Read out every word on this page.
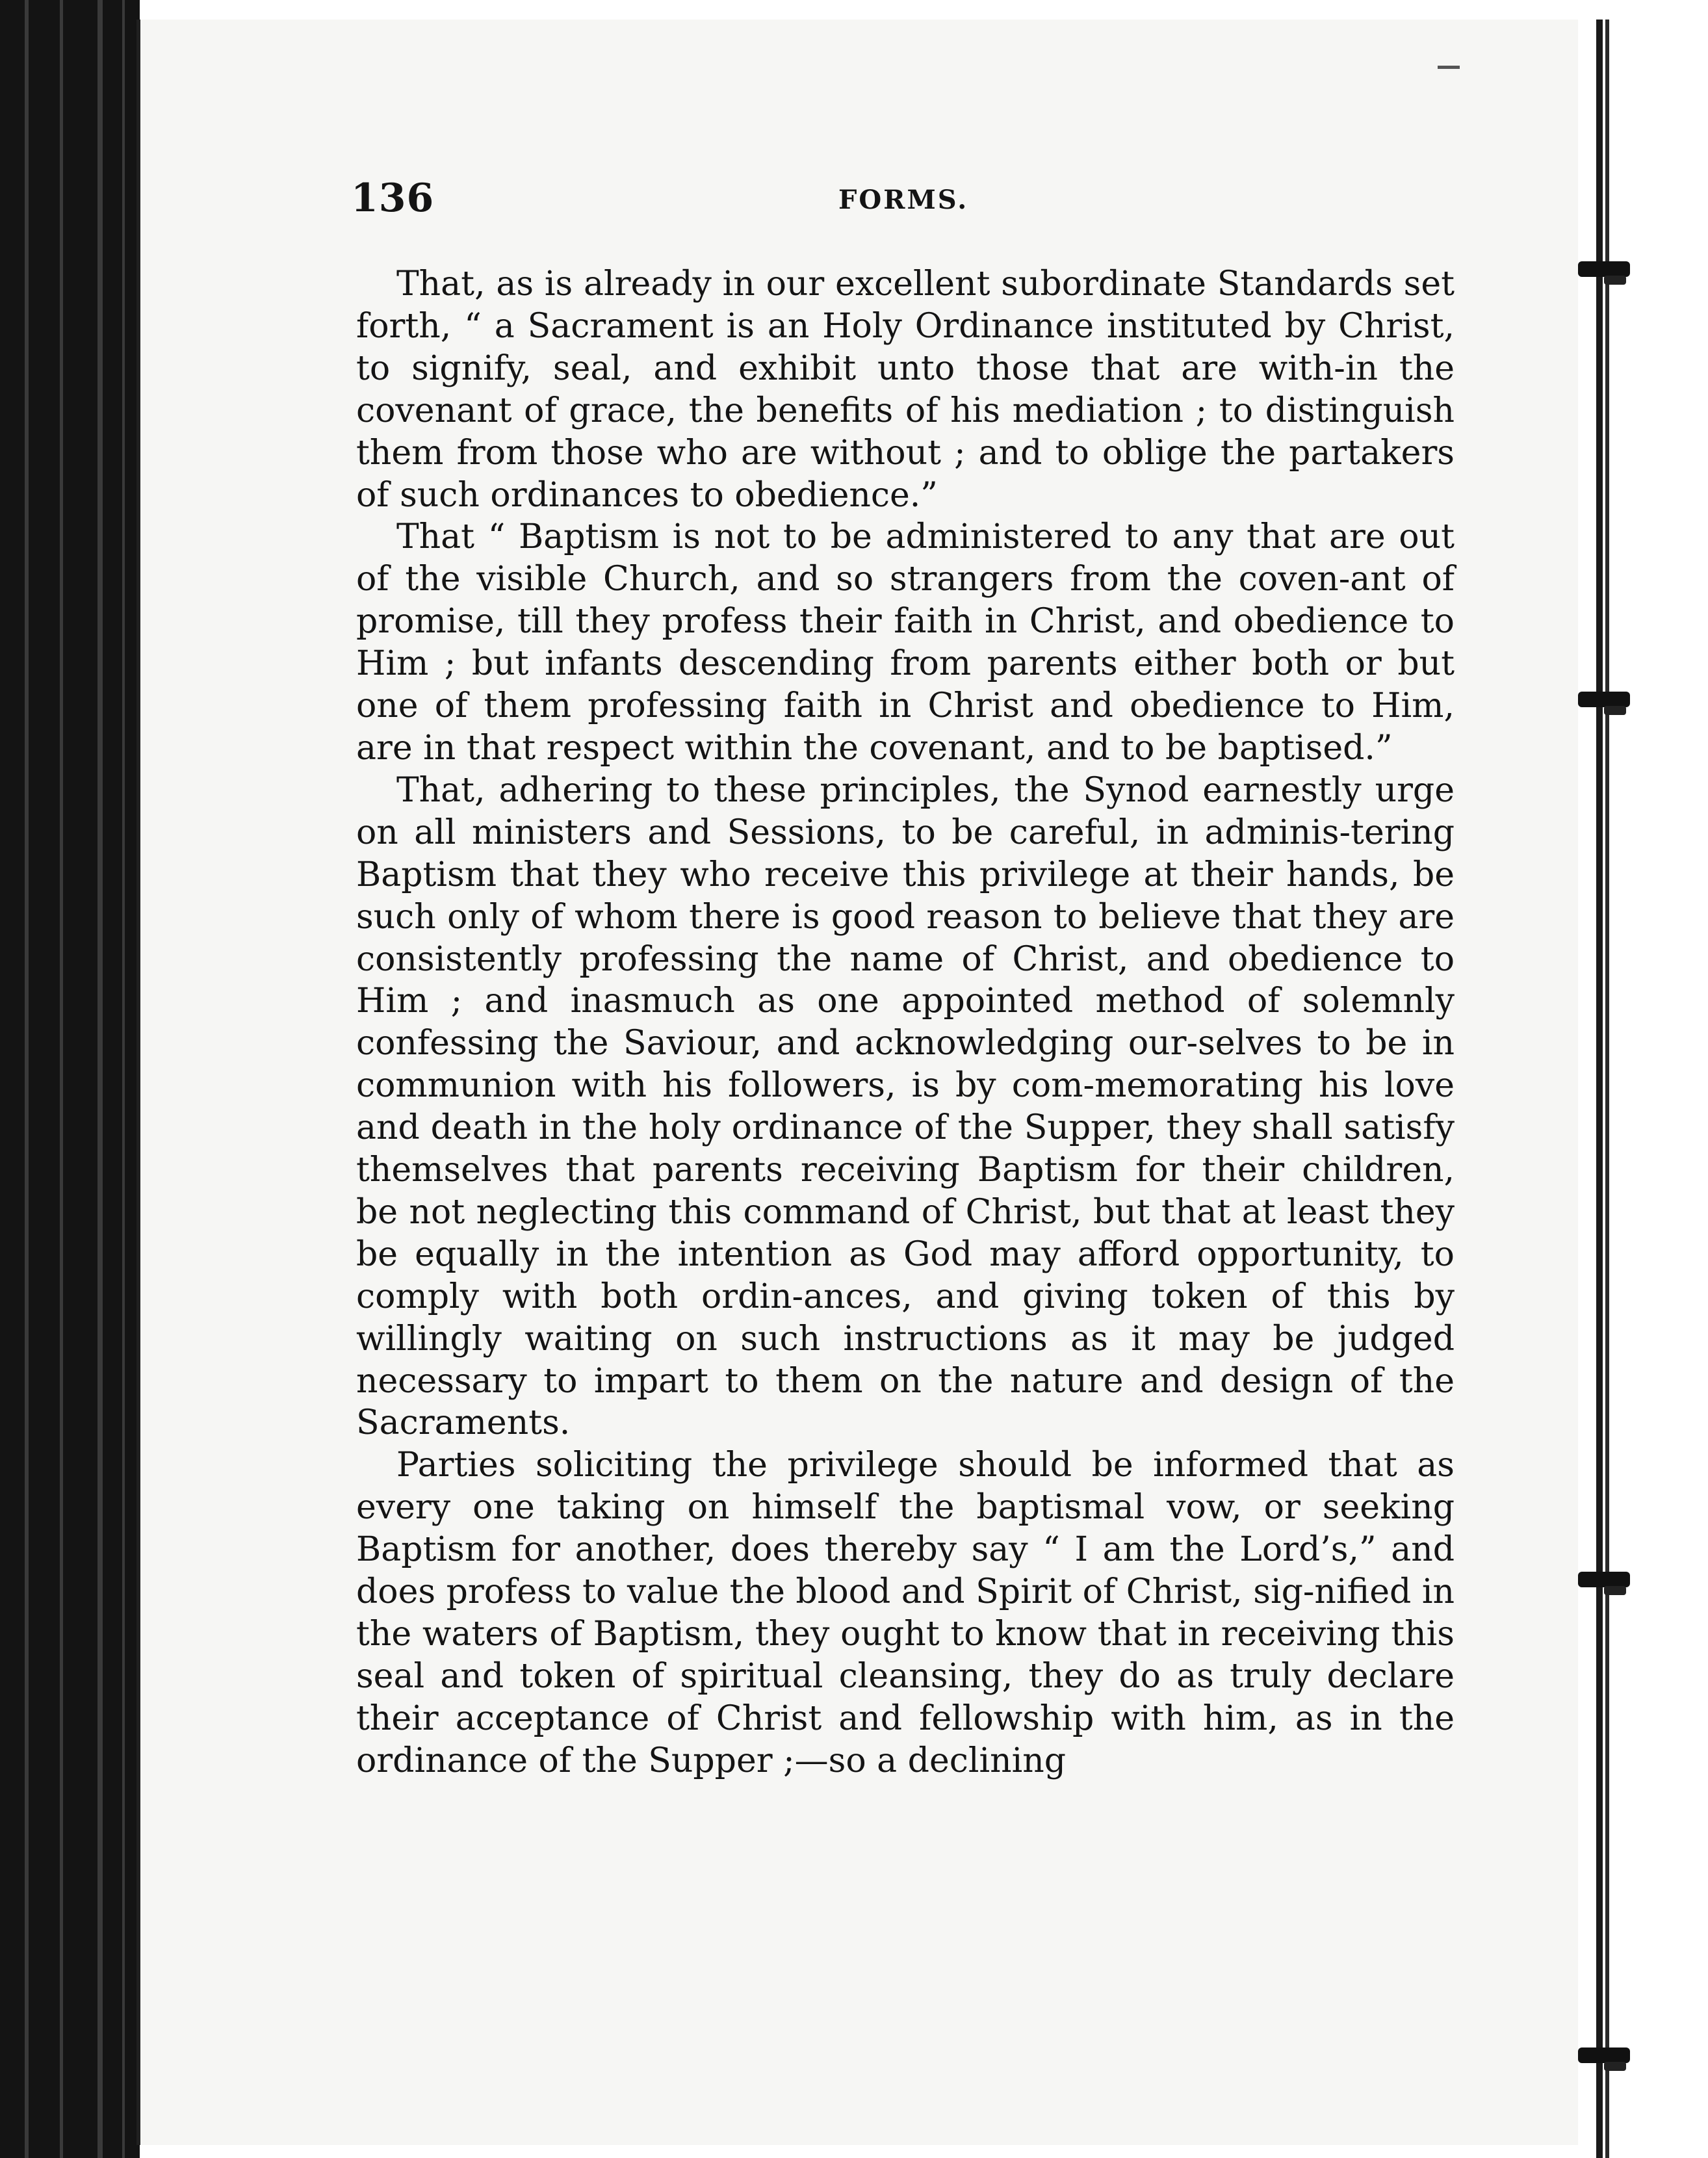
136	FORMS.

That, as is already in our excellent subordinate Standards set forth, “ a Sacrament is an Holy Ordinance instituted by Christ, to signify, seal, and exhibit unto those that are with-in the covenant of grace, the benefits of his mediation ; to distinguish them from those who are without ; and to oblige the partakers of such ordinances to obedience.”

That “ Baptism is not to be administered to any that are out of the visible Church, and so strangers from the coven-ant of promise, till they profess their faith in Christ, and obedience to Him ; but infants descending from parents either both or but one of them professing faith in Christ and obedience to Him, are in that respect within the covenant, and to be baptised.”

That, adhering to these principles, the Synod earnestly urge on all ministers and Sessions, to be careful, in adminis-tering Baptism that they who receive this privilege at their hands, be such only of whom there is good reason to believe that they are consistently professing the name of Christ, and obedience to Him ; and inasmuch as one appointed method of solemnly confessing the Saviour, and acknowledging our-selves to be in communion with his followers, is by com-memorating his love and death in the holy ordinance of the Supper, they shall satisfy themselves that parents receiving Baptism for their children, be not neglecting this command of Christ, but that at least they be equally in the intention as God may afford opportunity, to comply with both ordin-ances, and giving token of this by willingly waiting on such instructions as it may be judged necessary to impart to them on the nature and design of the Sacraments.

Parties soliciting the privilege should be informed that as every one taking on himself the baptismal vow, or seeking Baptism for another, does thereby say “ I am the Lord’s,” and does profess to value the blood and Spirit of Christ, sig-nified in the waters of Baptism, they ought to know that in receiving this seal and token of spiritual cleansing, they do as truly declare their acceptance of Christ and fellowship with him, as in the ordinance of the Supper ;—so a declining
